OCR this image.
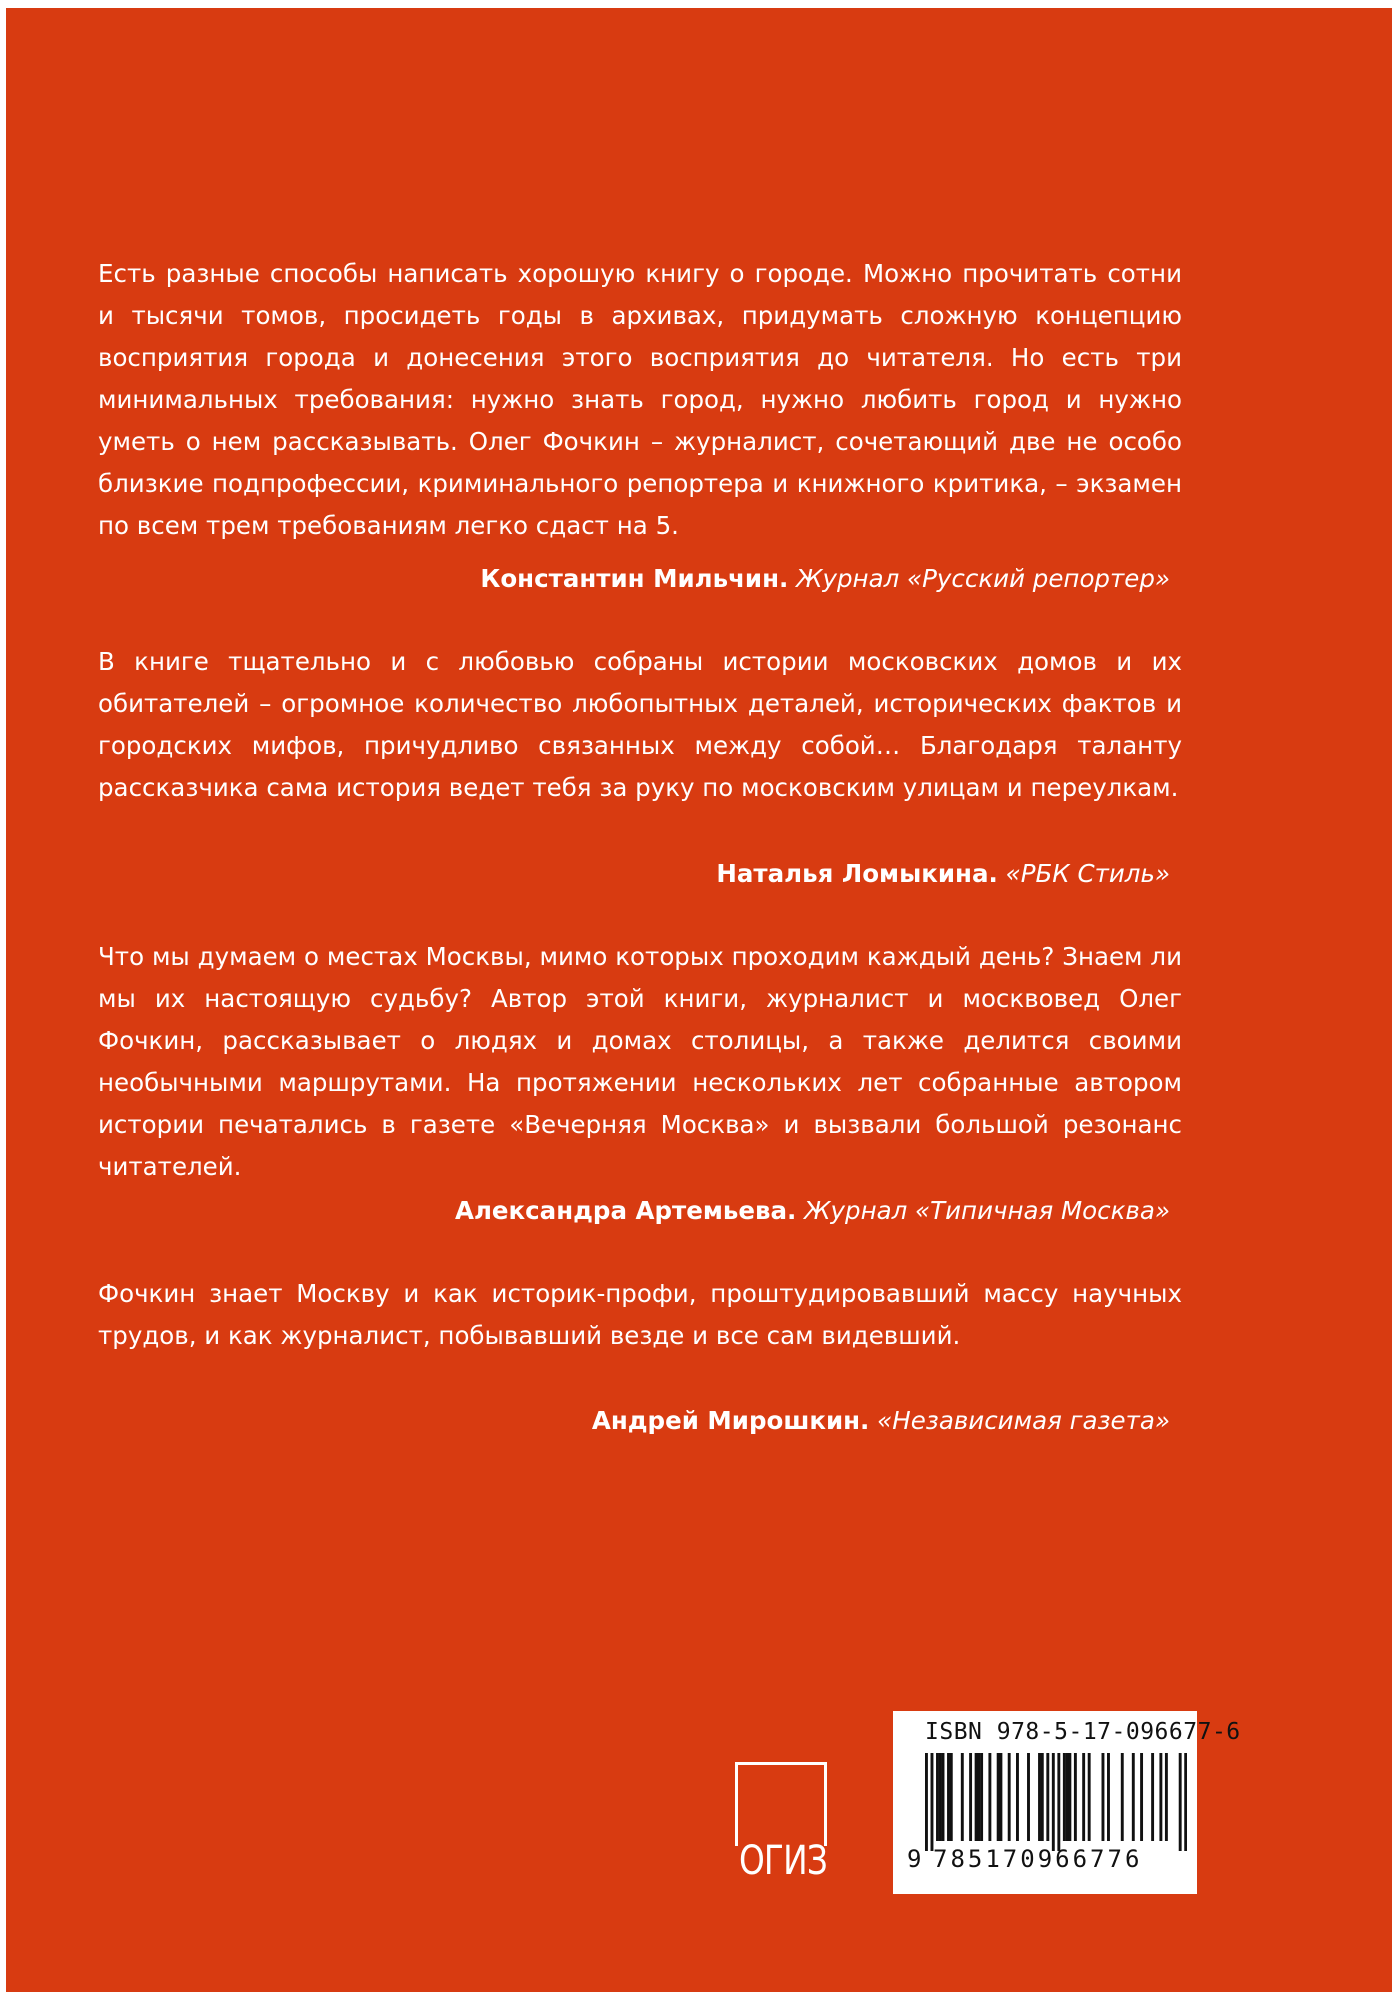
Есть разные способы написать хорошую книгу о городе. Можно прочитать сотни и тысячи томов, просидеть годы в архивах, придумать сложную концепцию восприятия города и донесения этого восприятия до читателя. Но есть три минимальных требования: нужно знать город, нужно любить город и нужно уметь о нем рассказывать. Олег Фочкин – журналист, сочетающий две не особо близкие подпрофессии, криминального репортера и книжного критика, – экзамен по всем трем требованиям легко сдаст на 5.

Константин Мильчин. Журнал «Русский репортер»

В книге тщательно и с любовью собраны истории московских домов и их обитателей – огромное количество любопытных деталей, исторических фактов и городских мифов, причудливо связанных между собой… Благодаря таланту рассказчика сама история ведет тебя за руку по московским улицам и переулкам.

Наталья Ломыкина. «РБК Стиль»

Что мы думаем о местах Москвы, мимо которых проходим каждый день? Знаем ли мы их настоящую судьбу? Автор этой книги, журналист и москвовед Олег Фочкин, рассказывает о людях и домах столицы, а также делится своими необычными маршрутами. На протяжении нескольких лет собранные автором истории печатались в газете «Вечерняя Москва» и вызвали большой резонанс читателей.

Александра Артемьева. Журнал «Типичная Москва»

Фочкин знает Москву и как историк-профи, проштудировавший массу научных трудов, и как журналист, побывавший везде и все сам видевший.

Андрей Мирошкин. «Независимая газета»

ОГИЗ
ISBN 978-5-17-096677-6
9 785170966776
